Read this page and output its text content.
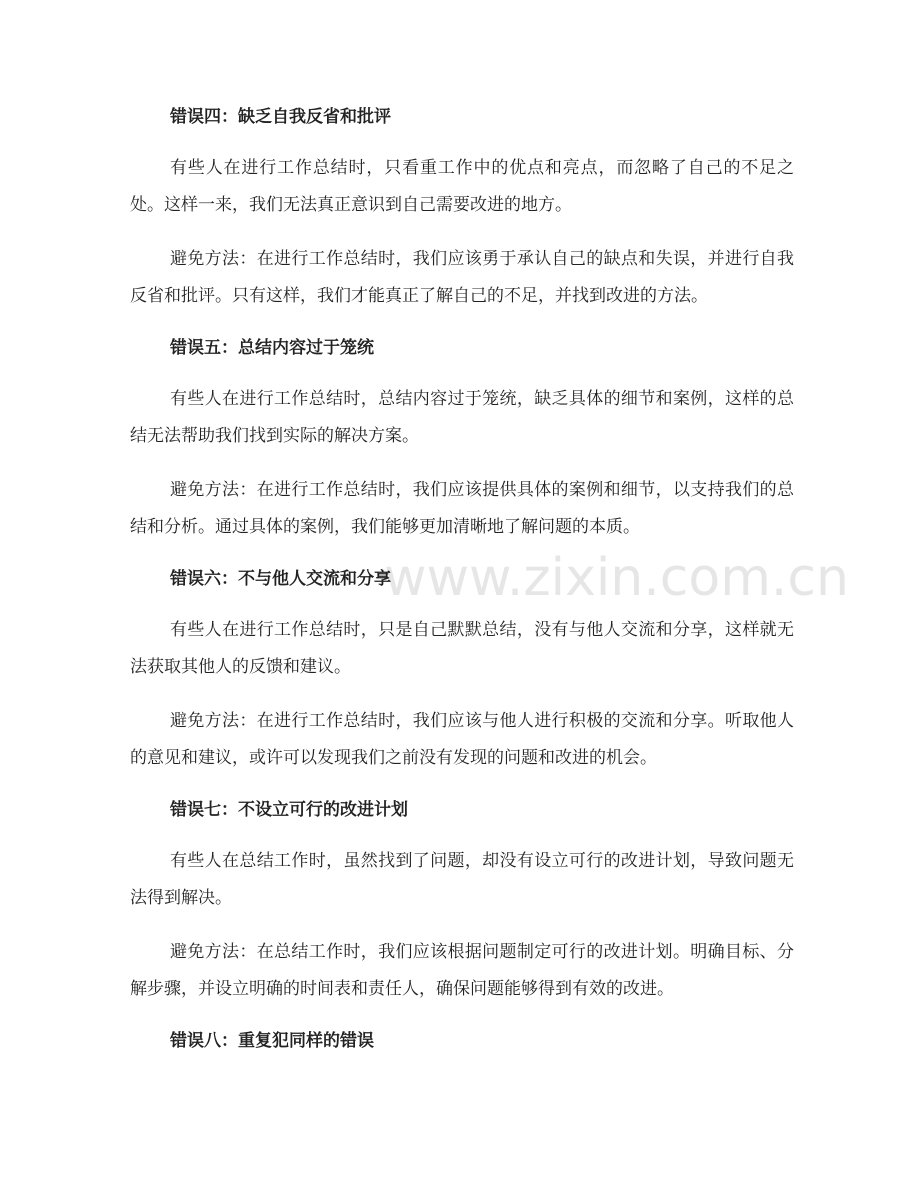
www.zixin.com.cn
错误四：缺乏自我反省和批评

有些人在进行工作总结时，只看重工作中的优点和亮点，而忽略了自己的不足之处。这样一来，我们无法真正意识到自己需要改进的地方。

避免方法：在进行工作总结时，我们应该勇于承认自己的缺点和失误，并进行自我反省和批评。只有这样，我们才能真正了解自己的不足，并找到改进的方法。

错误五：总结内容过于笼统

有些人在进行工作总结时，总结内容过于笼统，缺乏具体的细节和案例，这样的总结无法帮助我们找到实际的解决方案。

避免方法：在进行工作总结时，我们应该提供具体的案例和细节，以支持我们的总结和分析。通过具体的案例，我们能够更加清晰地了解问题的本质。

错误六：不与他人交流和分享

有些人在进行工作总结时，只是自己默默总结，没有与他人交流和分享，这样就无法获取其他人的反馈和建议。

避免方法：在进行工作总结时，我们应该与他人进行积极的交流和分享。听取他人的意见和建议，或许可以发现我们之前没有发现的问题和改进的机会。

错误七：不设立可行的改进计划

有些人在总结工作时，虽然找到了问题，却没有设立可行的改进计划，导致问题无法得到解决。

避免方法：在总结工作时，我们应该根据问题制定可行的改进计划。明确目标、分解步骤，并设立明确的时间表和责任人，确保问题能够得到有效的改进。

错误八：重复犯同样的错误
